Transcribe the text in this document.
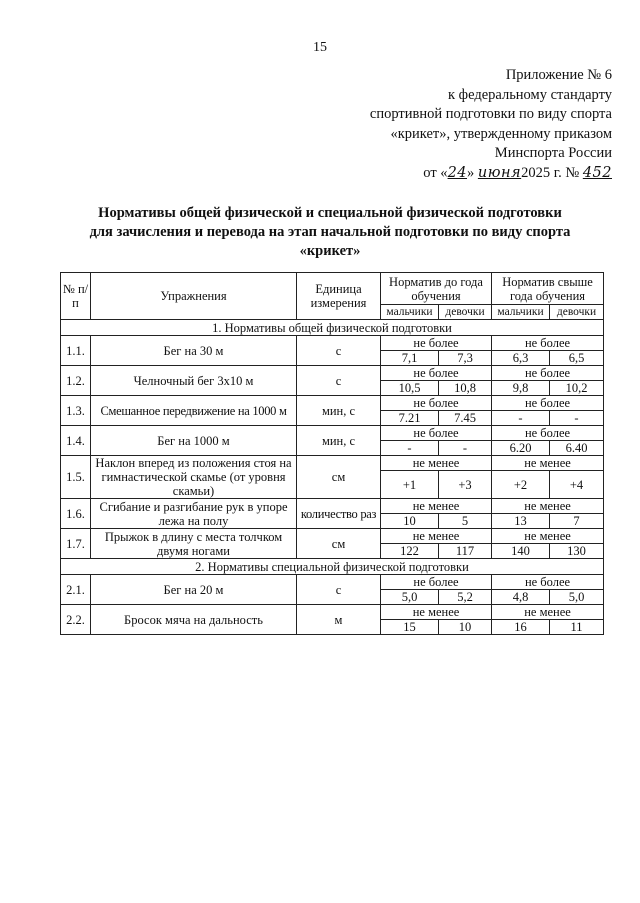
15
Приложение № 6
к федеральному стандарту
спортивной подготовки по виду спорта
«крикет», утвержденному приказом
Минспорта России
от «24» июня2025 г. № 452
Нормативы общей физической и специальной физической подготовки
для зачисления и перевода на этап начальной подготовки по виду спорта
«крикет»
№ п/п	Упражнения	Единица измерения	Норматив до года обучения		Норматив свыше года обучения	
			мальчики	девочки	мальчики	девочки
1. Нормативы общей физической подготовки						
1.1.	Бег на 30 м	с	не более		не более	
			7,1	7,3	6,3	6,5
1.2.	Челночный бег 3х10 м	с	не более		не более	
			10,5	10,8	9,8	10,2
1.3.	Смешанное передвижение на 1000 м	мин, с	не более		не более	
			7.21	7.45	-	-
1.4.	Бег на 1000 м	мин, с	не более		не более	
			-	-	6.20	6.40
1.5.	Наклон вперед из положения стоя на гимнастической скамье (от уровня скамьи)	см	не менее		не менее	
			+1	+3	+2	+4
1.6.	Сгибание и разгибание рук в упоре лежа на полу	количество раз	не менее		не менее	
			10	5	13	7
1.7.	Прыжок в длину с места толчком двумя ногами	см	не менее		не менее	
			122	117	140	130
2. Нормативы специальной физической подготовки						
2.1.	Бег на 20 м	с	не более		не более	
			5,0	5,2	4,8	5,0
2.2.	Бросок мяча на дальность	м	не менее		не менее	
			15	10	16	11
